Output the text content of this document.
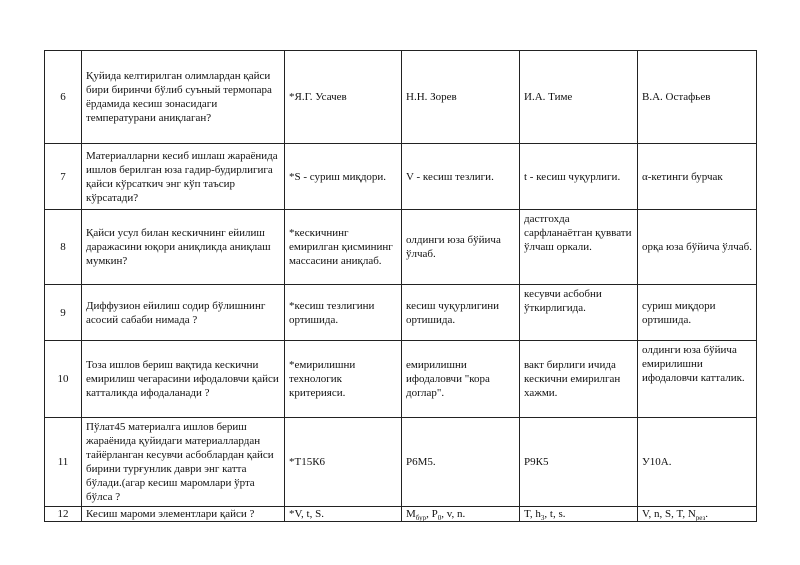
6	Қуйида келтирилган олимлардан қайси бири биринчи бўлиб суъный термопара ёрдамида кесиш зонасидаги температурани аниқлаган?	*Я.Г. Усачев	Н.Н. Зорев	И.А. Тиме	В.А. Остафьев
7	Материалларни кесиб ишлаш жараёнида ишлов берилган юза гадир-будирлигига қайси кўрсаткич энг кўп таъсир кўрсатади?	*S - суриш миқдори.	V - кесиш тезлиги.	t - кесиш чуқурлиги.	α-кетинги бурчак
8	Қайси усул билан кескичнинг ейилиш даражасини юқори аниқликда аниқлаш мумкин?	*кескичнинг емирилган қисмининг массасини аниқлаб.	олдинги юза бўйича ўлчаб.	дастгохда сарфланаётган қуввати ўлчаш оркали.	орқа юза бўйича ўлчаб.
9	Диффузион ейилиш содир бўлишнинг асосий сабаби нимада ?	*кесиш тезлигини ортишида.	кесиш чуқурлигини ортишида.	кесувчи асбобни ўткирлигида.	суриш миқдори ортишида.
10	Тоза ишлов бериш вақтида кескични емирилиш чегарасини ифодаловчи қайси катталикда ифодаланади ?	*емирилишни технологик критерияси.	емирилишни ифодаловчи "кора доглар".	вакт бирлиги ичида кескични емирилган хажми.	олдинги юза бўйича емирилишни ифодаловчи катталик.
11	Пўлат45 материалга ишлов бериш жараёнида қуйидаги материаллардан тайёрланган кесувчи асбоблардан қайси бирини турғунлик даври энг катта бўлади.(агар кесиш маромлари ўртa бўлса ?	*Т15К6	Р6М5.	Р9К5	У10А.
12	Кесиш мароми элементлари қайси ?	*V, t, S.	$M_{бур}$, $P_0$, v, n.	T, $h_3$, t, s.	V, n, S, T, $N_{рез}$.
